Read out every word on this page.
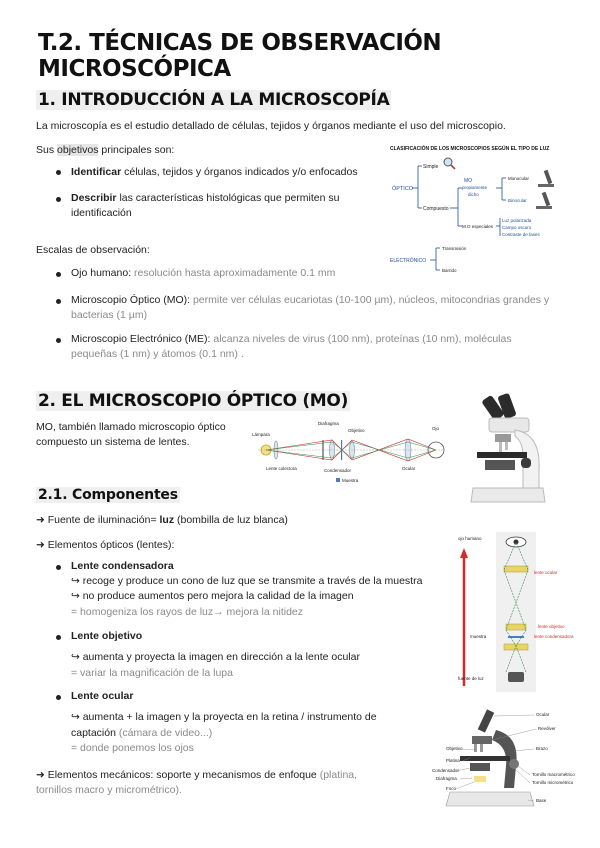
T.2. TÉCNICAS DE OBSERVACIÓN MICROSCÓPICA
1. INTRODUCCIÓN A LA MICROSCOPÍA
La microscopía es el estudio detallado de células, tejidos y órganos mediante el uso del microscopio.
Sus objetivos principales son:
Identificar células, tejidos y órganos indicados y/o enfocados
Describir las características histológicas que permiten su identificación
Escalas de observación:
Ojo humano: resolución hasta aproximadamente 0.1 mm
Microscopio Óptico (MO): permite ver células eucariotas (10-100 µm), núcleos, mitocondrias grandes y bacterias (1 µm)
Microscopio Electrónico (ME): alcanza niveles de virus (100 nm), proteínas (10 nm), moléculas pequeñas (1 nm) y átomos (0.1 nm) .
CLASIFICACIÓN DE LOS MICROSCOPIOS SEGÚN EL TIPO DE LUZ
ÓPTICO
Simple
Compuesto
MO
propiamente
dicho
Monocular
Binocular
M.O especiales
Luz polarizada
Campo oscuro
Contraste de fases
ELECTRÓNICO
Transmisión
Barrido
2. EL MICROSCOPIO ÓPTICO (MO)
MO, también llamado microscopio óptico compuesto un sistema de lentes.
Lámpara
Diafragma
Objetivo	Ojo
Lente colectora	Condensador	Ocular
Muestra
2.1. Componentes
➜ Fuente de iluminación= luz (bombilla de luz blanca)
➜ Elementos ópticos (lentes):
Lente condensadora
↪ recoge y produce un cono de luz que se transmite a través de la muestra
↪ no produce aumentos pero mejora la calidad de la imagen
= homogeniza los rayos de luz→ mejora la nitidez
Lente objetivo
↪ aumenta y proyecta la imagen en dirección a la lente ocular
= variar la magnificación de la lupa
Lente ocular
↪ aumenta + la imagen y la proyecta en la retina / instrumento de
captación (cámara de video...)
= donde ponemos los ojos
➜ Elementos mecánicos: soporte y mecanismos de enfoque (platina,
tornillos macro y micrométrico).
ojo humano
lente ocular
lente objetivo
lente condensadora
muestra
fuente de luz
Ocular
Revólver
Objetivo
Platina
Condensador
Diafragma
Foco
Brazo
Tornillo macrométrico
Tornillo micrométrico
Base
